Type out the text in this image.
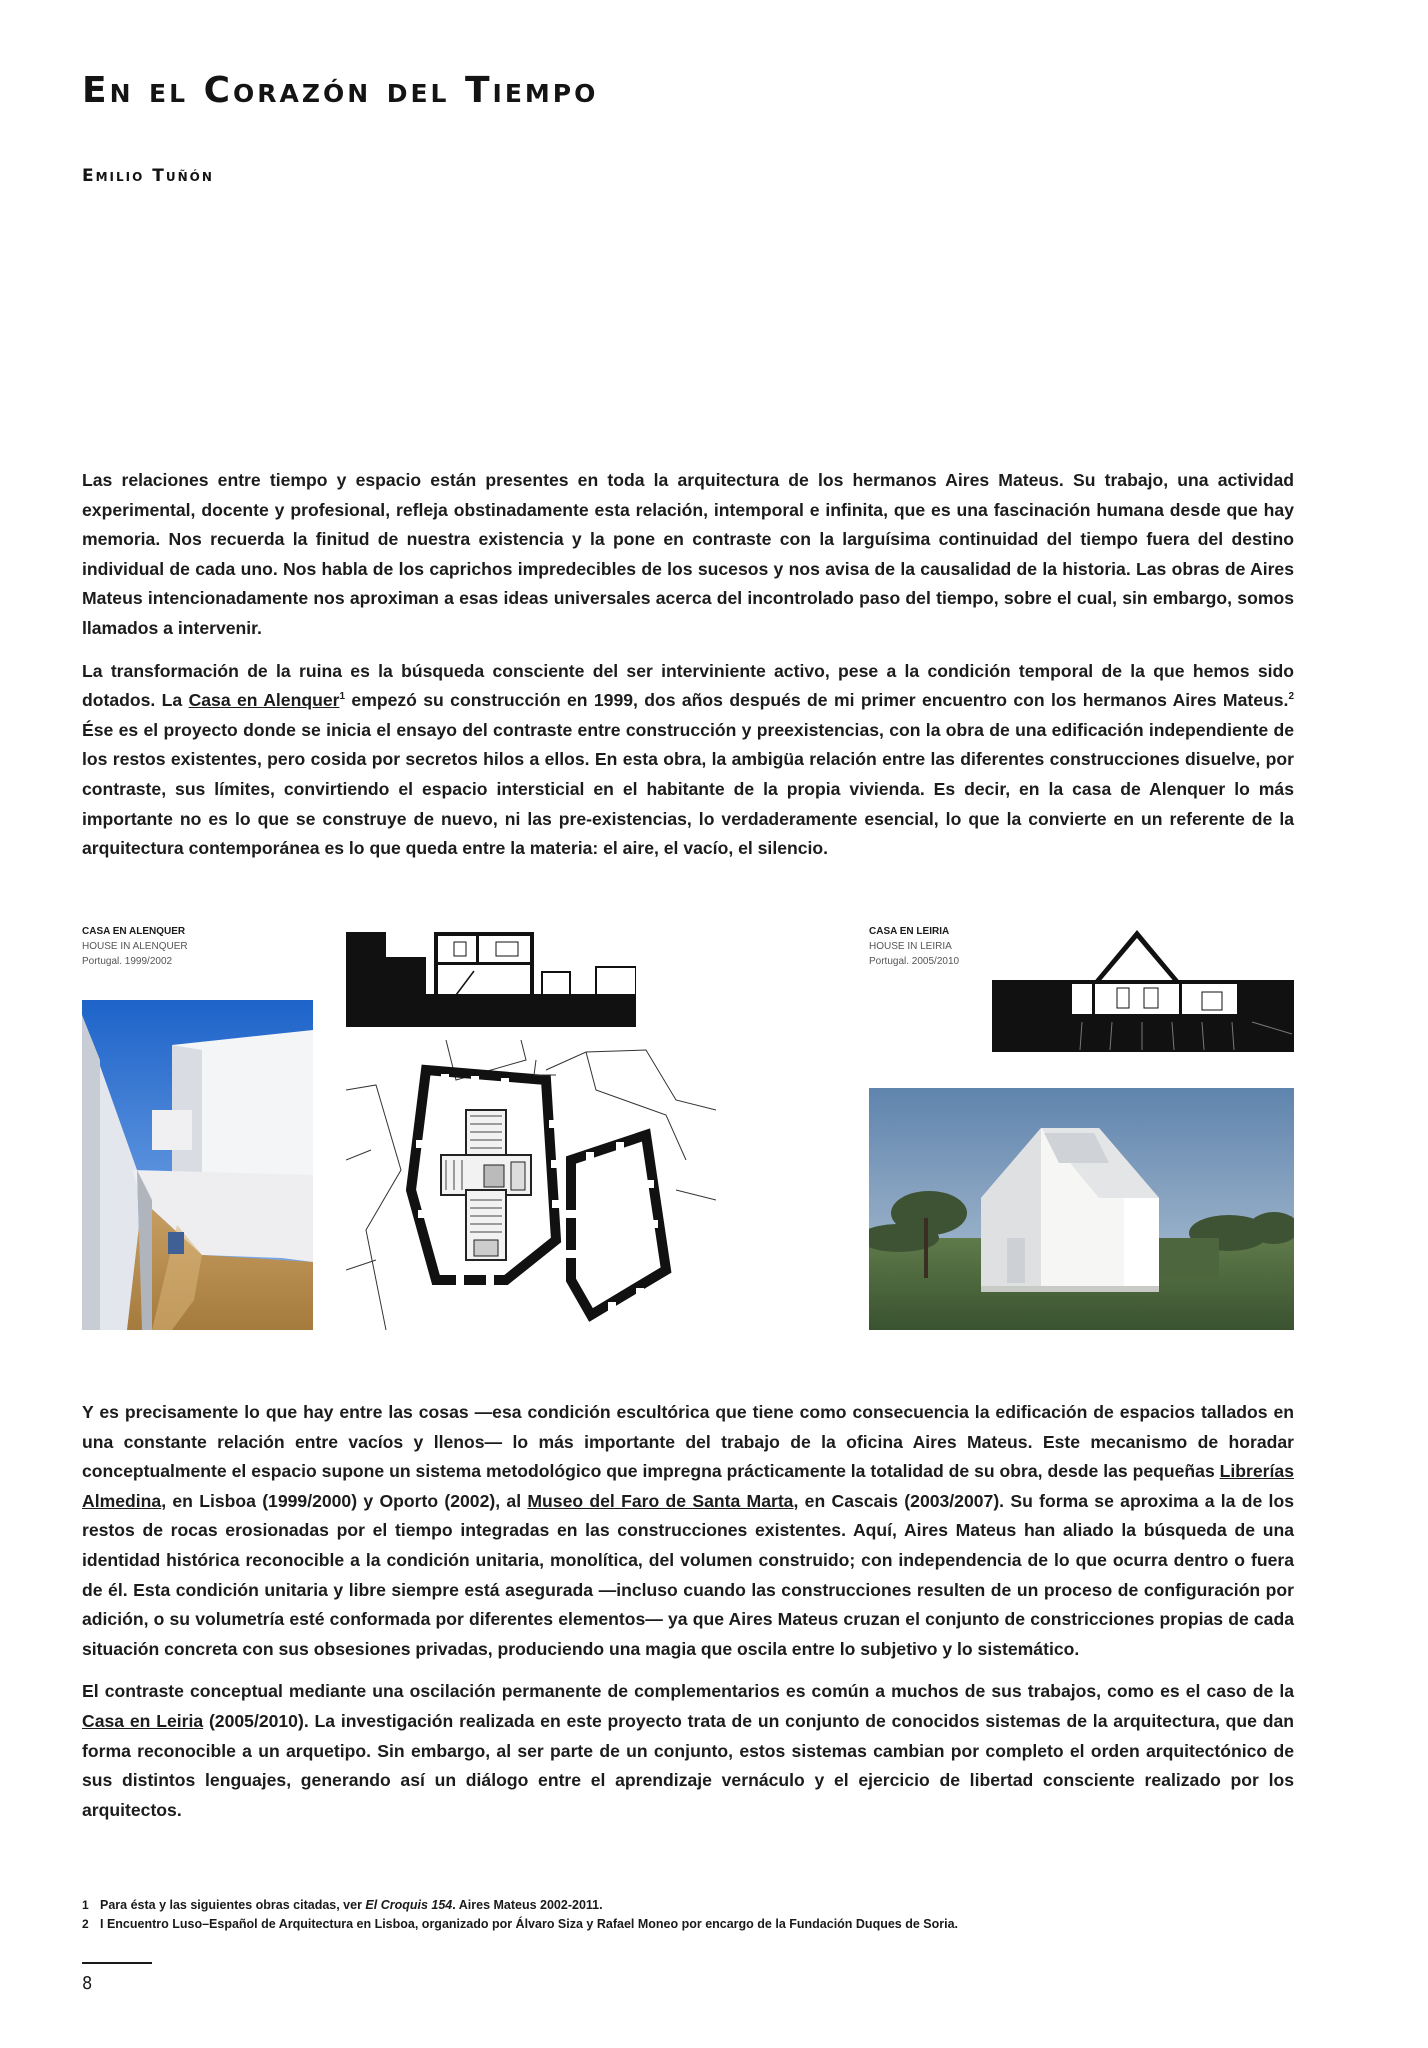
En el Corazón del Tiempo
Emilio Tuñón

Las relaciones entre tiempo y espacio están presentes en toda la arquitectura de los hermanos Aires Mateus. Su trabajo, una actividad experimental, docente y profesional, refleja obstinadamente esta relación, intemporal e infinita, que es una fascinación humana desde que hay memoria. Nos recuerda la finitud de nuestra existencia y la pone en contraste con la larguísima continuidad del tiempo fuera del destino individual de cada uno. Nos habla de los caprichos impredecibles de los sucesos y nos avisa de la causalidad de la historia. Las obras de Aires Mateus intencionadamente nos aproximan a esas ideas universales acerca del incontrolado paso del tiempo, sobre el cual, sin embargo, somos llamados a intervenir.

La transformación de la ruina es la búsqueda consciente del ser interviniente activo, pese a la condición temporal de la que hemos sido dotados. La Casa en Alenquer$^1$ empezó su construcción en 1999, dos años después de mi primer encuentro con los hermanos Aires Mateus.$^2$ Ése es el proyecto donde se inicia el ensayo del contraste entre construcción y preexistencias, con la obra de una edificación independiente de los restos existentes, pero cosida por secretos hilos a ellos. En esta obra, la ambigüa relación entre las diferentes construcciones disuelve, por contraste, sus límites, convirtiendo el espacio intersticial en el habitante de la propia vivienda. Es decir, en la casa de Alenquer lo más importante no es lo que se construye de nuevo, ni las pre-existencias, lo verdaderamente esencial, lo que la convierte en un referente de la arquitectura contemporánea es lo que queda entre la materia: el aire, el vacío, el silencio.

CASA EN ALENQUER
HOUSE IN ALENQUER
Portugal. 1999/2002
CASA EN LEIRIA
HOUSE IN LEIRIA
Portugal. 2005/2010

Y es precisamente lo que hay entre las cosas —esa condición escultórica que tiene como consecuencia la edificación de espacios tallados en una constante relación entre vacíos y llenos— lo más importante del trabajo de la oficina Aires Mateus. Este mecanismo de horadar conceptualmente el espacio supone un sistema metodológico que impregna prácticamente la totalidad de su obra, desde las pequeñas Librerías Almedina, en Lisboa (1999/2000) y Oporto (2002), al Museo del Faro de Santa Marta, en Cascais (2003/2007). Su forma se aproxima a la de los restos de rocas erosionadas por el tiempo integradas en las construcciones existentes. Aquí, Aires Mateus han aliado la búsqueda de una identidad histórica reconocible a la condición unitaria, monolítica, del volumen construido; con independencia de lo que ocurra dentro o fuera de él. Esta condición unitaria y libre siempre está asegurada —incluso cuando las construcciones resulten de un proceso de configuración por adición, o su volumetría esté conformada por diferentes elementos— ya que Aires Mateus cruzan el conjunto de constricciones propias de cada situación concreta con sus obsesiones privadas, produciendo una magia que oscila entre lo subjetivo y lo sistemático.

El contraste conceptual mediante una oscilación permanente de complementarios es común a muchos de sus trabajos, como es el caso de la Casa en Leiria (2005/2010). La investigación realizada en este proyecto trata de un conjunto de conocidos sistemas de la arquitectura, que dan forma reconocible a un arquetipo. Sin embargo, al ser parte de un conjunto, estos sistemas cambian por completo el orden arquitectónico de sus distintos lenguajes, generando así un diálogo entre el aprendizaje vernáculo y el ejercicio de libertad consciente realizado por los arquitectos.

1 Para ésta y las siguientes obras citadas, ver El Croquis 154. Aires Mateus 2002-2011.
2 I Encuentro Luso–Español de Arquitectura en Lisboa, organizado por Álvaro Siza y Rafael Moneo por encargo de la Fundación Duques de Soria.
8
